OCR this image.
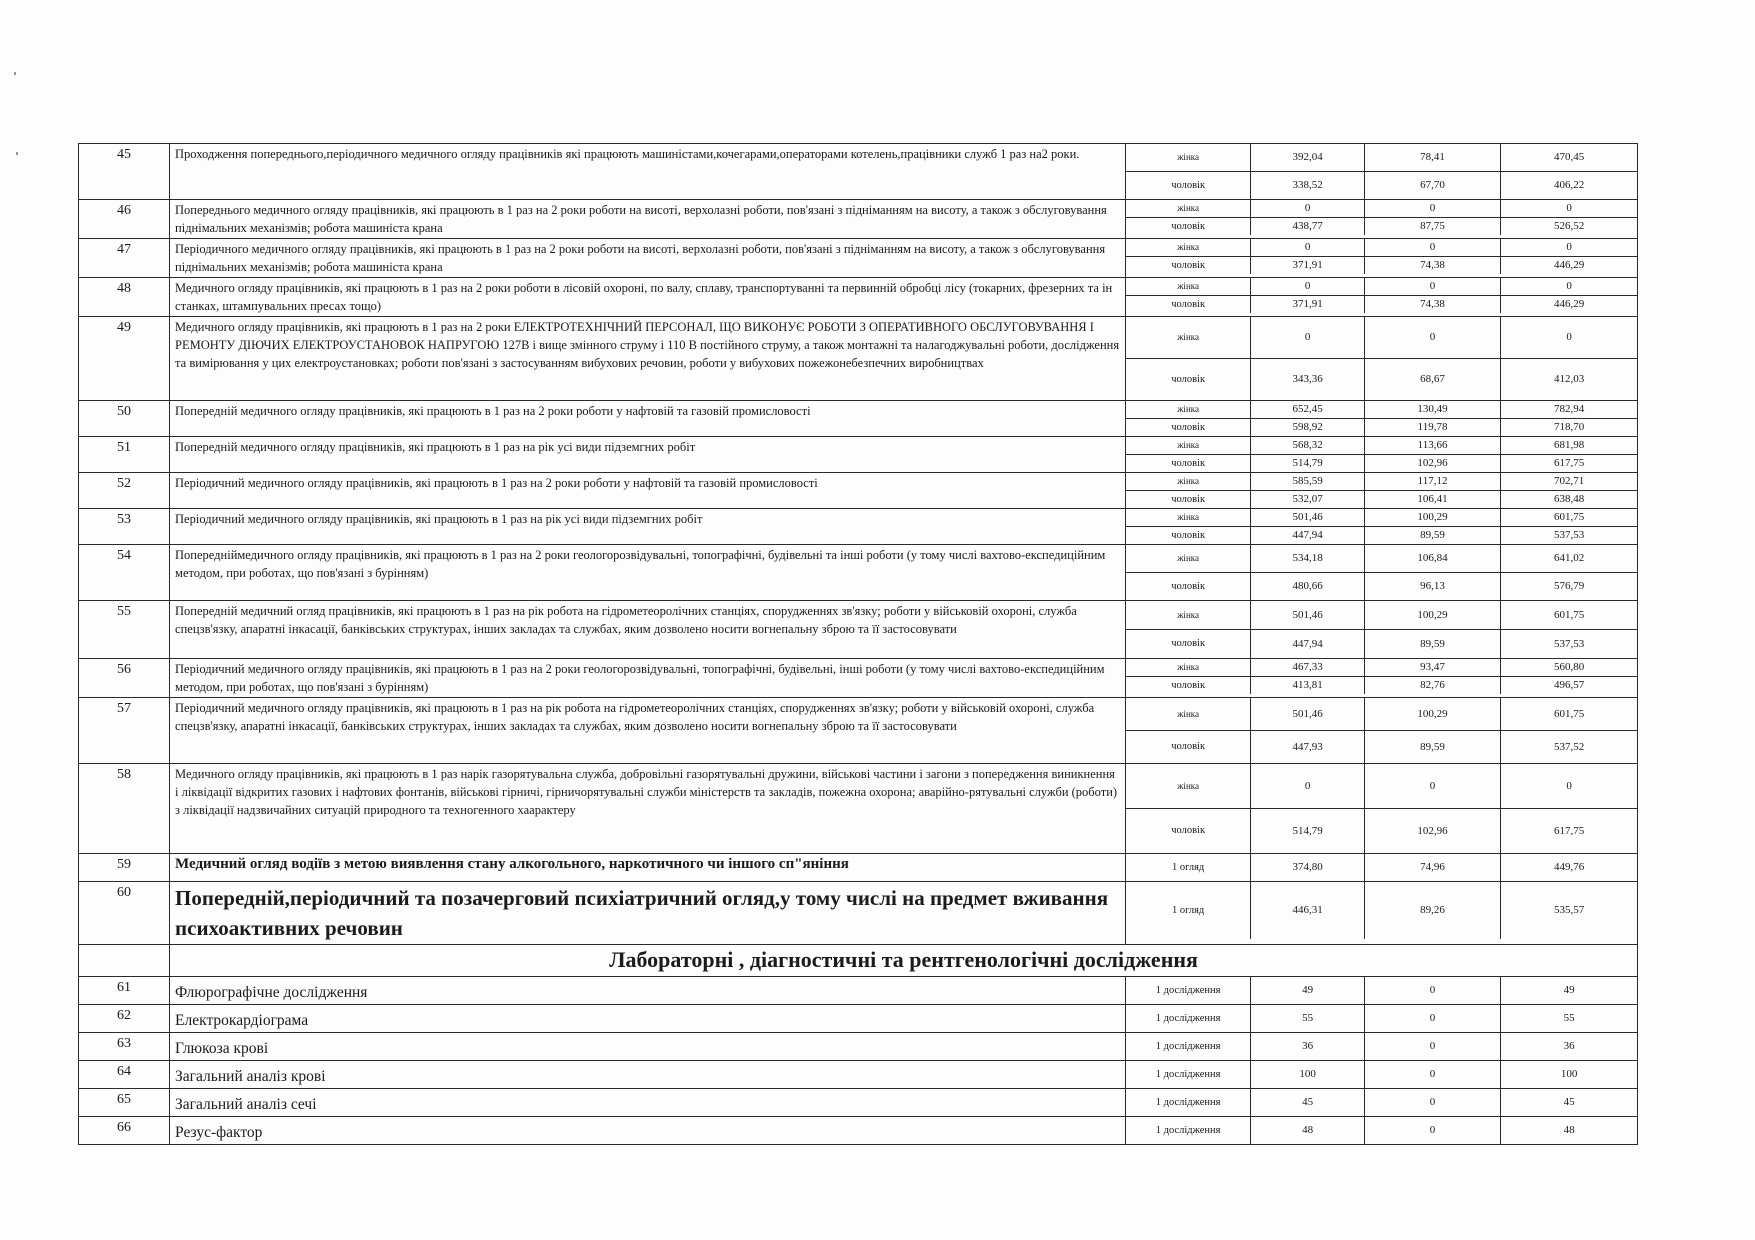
45	Проходження попереднього,періодичного медичного огляду працівників які працюють машиністами,кочегарами,операторами котелень,працівники служб 1 раз на2 роки.		жінка	392,04	78,41	470,45
чоловік	338,52	67,70	406,22

46	Попереднього медичного огляду працівників, які працюють в 1 раз на 2 роки роботи на висоті, верхолазні роботи, пов'язані з підніманням на висоту, а також з обслуговування піднімальних механізмів; робота машиніста крана	
жінка	0	0	0
чоловік	438,77	87,75	526,52

47	Періодичного медичного огляду працівників, які працюють в 1 раз на 2 роки роботи на висоті, верхолазні роботи, пов'язані з підніманням на висоту, а також з обслуговування піднімальних механізмів; робота машиніста крана	
жінка	0	0	0
чоловік	371,91	74,38	446,29

48	Медичного огляду працівників, які працюють в 1 раз на 2 роки роботи в лісовій охороні, по валу, сплаву, транспортуванні та первинній обробці лісу (токарних, фрезерних та ін станках, штампувальних пресах тощо)	
жінка	0	0	0
чоловік	371,91	74,38	446,29

49	Медичного огляду працівників, які працюють в 1 раз на 2 роки ЕЛЕКТРОТЕХНІЧНИЙ ПЕРСОНАЛ, ЩО ВИКОНУЄ РОБОТИ З ОПЕРАТИВНОГО ОБСЛУГОВУВАННЯ І РЕМОНТУ ДІЮЧИХ ЕЛЕКТРОУСТАНОВОК НАПРУГОЮ 127В і вище змінного струму і 110 В постійного струму, а також монтажні та налагоджувальні роботи, дослідження та вимірювання у цих електроустановках; роботи пов'язані з застосуванням вибухових речовин, роботи у вибухових пожежонебезпечних виробництвах	
жінка	0	0	0
чоловік	343,36	68,67	412,03

50	Попередній медичного огляду працівників, які працюють в 1 раз на 2 роки роботи у нафтовій та газовій промисловості		жінка	652,45	130,49	782,94
чоловік	598,92	119,78	718,70

51	Попередній медичного огляду працівників, які працюють в 1 раз на рік усі види підземгних робіт		жінка	568,32	113,66	681,98
чоловік	514,79	102,96	617,75

52	Періодичний медичного огляду працівників, які працюють в 1 раз на 2 роки роботи у нафтовій та газовій промисловості		жінка	585,59	117,12	702,71
чоловік	532,07	106,41	638,48

53	Періодичний медичного огляду працівників, які працюють в 1 раз на рік усі види підземгних робіт		жінка	501,46	100,29	601,75
чоловік	447,94	89,59	537,53

54	Попередніймедичного огляду працівників, які працюють в 1 раз на 2 роки геологорозвідувальні, топографічні, будівельні та інші роботи (у тому числі вахтово-експедиційним методом, при роботах, що пов'язані з бурінням)	
жінка	534,18	106,84	641,02
чоловік	480,66	96,13	576,79

55	Попередній медичний огляд працівників, які працюють в 1 раз на рік робота на гідрометеоролічних станціях, спорудженнях зв'язку; роботи у військовій охороні, служба спецзв'язку, апаратні інкасації, банківських структурах, інших закладах та службах, яким дозволено носити вогнепальну зброю та її застосовувати	
жінка	501,46	100,29	601,75
чоловік	447,94	89,59	537,53

56	Періодичний медичного огляду працівників, які працюють в 1 раз на 2 роки геологорозвідувальні, топографічні, будівельні, інші роботи (у тому числі вахтово-експедиційним методом, при роботах, що пов'язані з бурінням)	
жінка	467,33	93,47	560,80
чоловік	413,81	82,76	496,57

57	Періодичний медичного огляду працівників, які працюють в 1 раз на рік робота на гідрометеоролічних станціях, спорудженнях зв'язку; роботи у військовій охороні, служба спецзв'язку, апаратні інкасації, банківських структурах, інших закладах та службах, яким дозволено носити вогнепальну зброю та її застосовувати	
жінка	501,46	100,29	601,75
чоловік	447,93	89,59	537,52

58	Медичного огляду працівників, які працюють в 1 раз нарік газорятувальна служба, добровільні газорятувальні дружини, військові частини і загони з попередження виникнення і ліквідації відкритих газових і нафтових фонтанів, військові гірничі, гірничорятувальні служби міністерств та закладів, пожежна охорона; аварійно-рятувальні служби (роботи) з ліквідації надзвичайних ситуацій природного та техногенного хаарактеру	
жінка	0	0	0
чоловік	514,79	102,96	617,75

59	Медичний огляд водіїв з метою виявлення стану алкогольного, наркотичного чи іншого сп"яніння		1 огляд	374,80	74,96	449,76

60	Попередній,періодичний та позачерговий психіатричний огляд,у тому числі на предмет вживання психоактивних речовин	
1 огляд	446,31	89,26	535,57

	Лабораторні , діагностичні та рентгенологічні дослідження
61	Флюрографічне дослідження		1 дослідження	49	0	49

62	Електрокардіограма		1 дослідження	55	0	55

63	Глюкоза крові		1 дослідження	36	0	36

64	Загальний аналіз крові		1 дослідження	100	0	100

65	Загальний аналіз сечі		1 дослідження	45	0	45

66	Резус-фактор		1 дослідження	48	0	48
